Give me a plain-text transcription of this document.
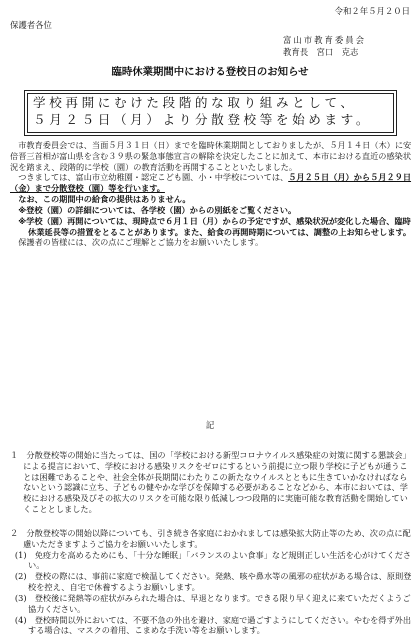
令和２年５月２０日
保護者各位
富山市教育委員会
教育長　宮口　克志
臨時休業期間中における登校日のお知らせ
学校再開にむけた段階的な取り組みとして、
５月２５日（月）より分散登校等を始めます。

市教育委員会では、当面５月３１日（日）までを臨時休業期間としておりましたが、５月１４日（木）に安倍晋三首相が富山県を含む３９県の緊急事態宣言の解除を決定したことに加えて、本市における直近の感染状況を踏まえ、段階的に学校（園）の教育活動を再開することといたしました。

つきましては、富山市立幼稚園・認定こども園、小・中学校については、５月２５日（月）から５月２９日（金）まで分散登校（園）等を行います。

なお、この期間中の給食の提供はありません。

※登校（園）の詳細については、各学校（園）からの別紙をご覧ください。

※学校（園）再開については、現時点で６月１日（月）からの予定ですが、感染状況が変化した場合、臨時休業延長等の措置をとることがあります。また、給食の再開時期については、調整の上お知らせします。

保護者の皆様には、次の点にご理解とご協力をお願いいたします。

記

１　 分散登校等の開始に当たっては、国の「学校における新型コロナウイルス感染症の対策に関する懇談会」による提言において、学校における感染リスクをゼロにするという前提に立つ限り学校に子どもが通うことは困難であることや、社会全体が長期間にわたりこの新たなウイルスとともに生きていかなければならないという認識に立ち、子どもの健やかな学びを保障する必要があることなどから、本市においては、学校における感染及びその拡大のリスクを可能な限り低減しつつ段階的に実施可能な教育活動を開始していくこととしました。

２　 分散登校等の開始以降についても、引き続き各家庭におかれましては感染拡大防止等のため、次の点に配慮いただきますようご協力をお願いいたします。

(1)　免疫力を高めるためにも、「十分な睡眠」「バランスのよい食事」など規則正しい生活を心がけてください。

(2)　登校の際には、事前に家庭で検温してください。発熱、咳や鼻水等の風邪の症状がある場合は、原則登校を控え、自宅で休養するようお願いします。

(3)　登校後に発熱等の症状がみられた場合は、早退となります。できる限り早く迎えに来ていただくようご協力ください。

(4)　登校時間以外においては、不要不急の外出を避け、家庭で過ごすようにしてください。やむを得ず外出する場合は、マスクの着用、こまめな手洗い等をお願いします。
